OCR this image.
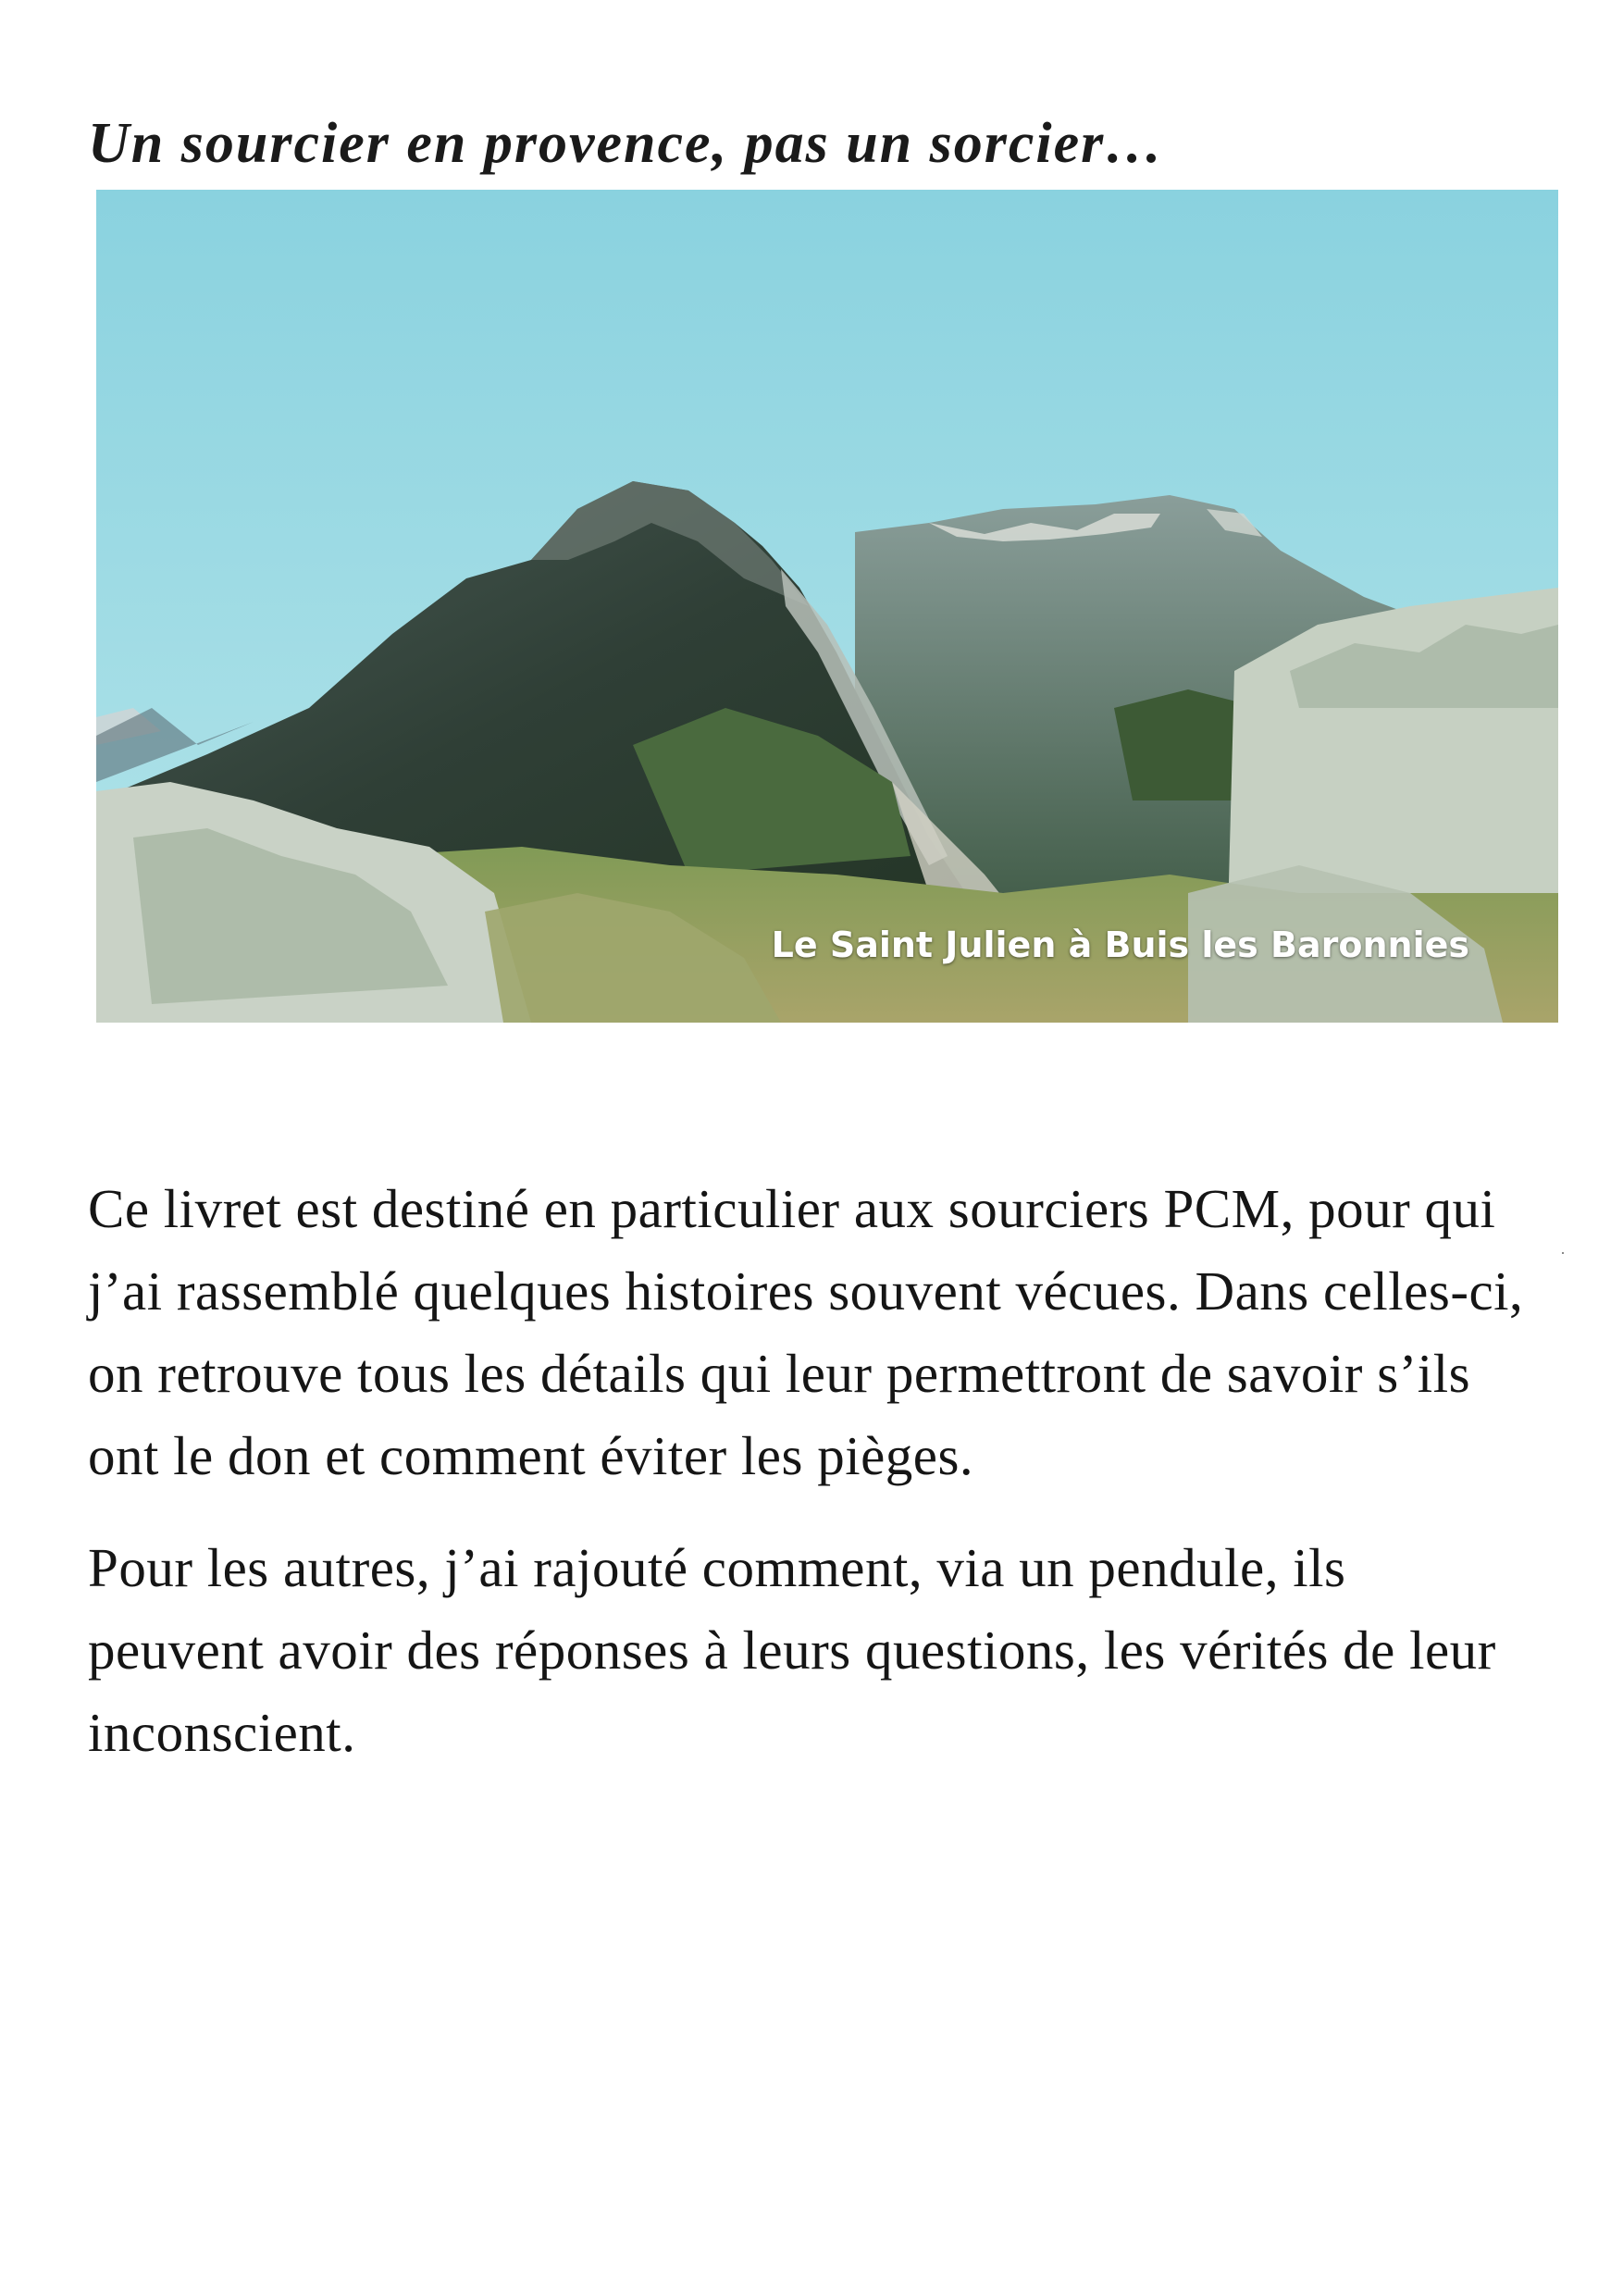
Un sourcier en provence, pas un sorcier…
Le Saint Julien à Buis les Baronnies

Ce livret est destiné en particulier aux sourciers PCM, pour qui j’ai rassemblé quelques histoires souvent vécues. Dans celles-ci, on retrouve tous les détails qui leur permettront de savoir s’ils ont le don et comment éviter les pièges.

Pour les autres, j’ai rajouté comment, via un pendule, ils peuvent avoir des réponses à leurs questions, les vérités de leur inconscient.
